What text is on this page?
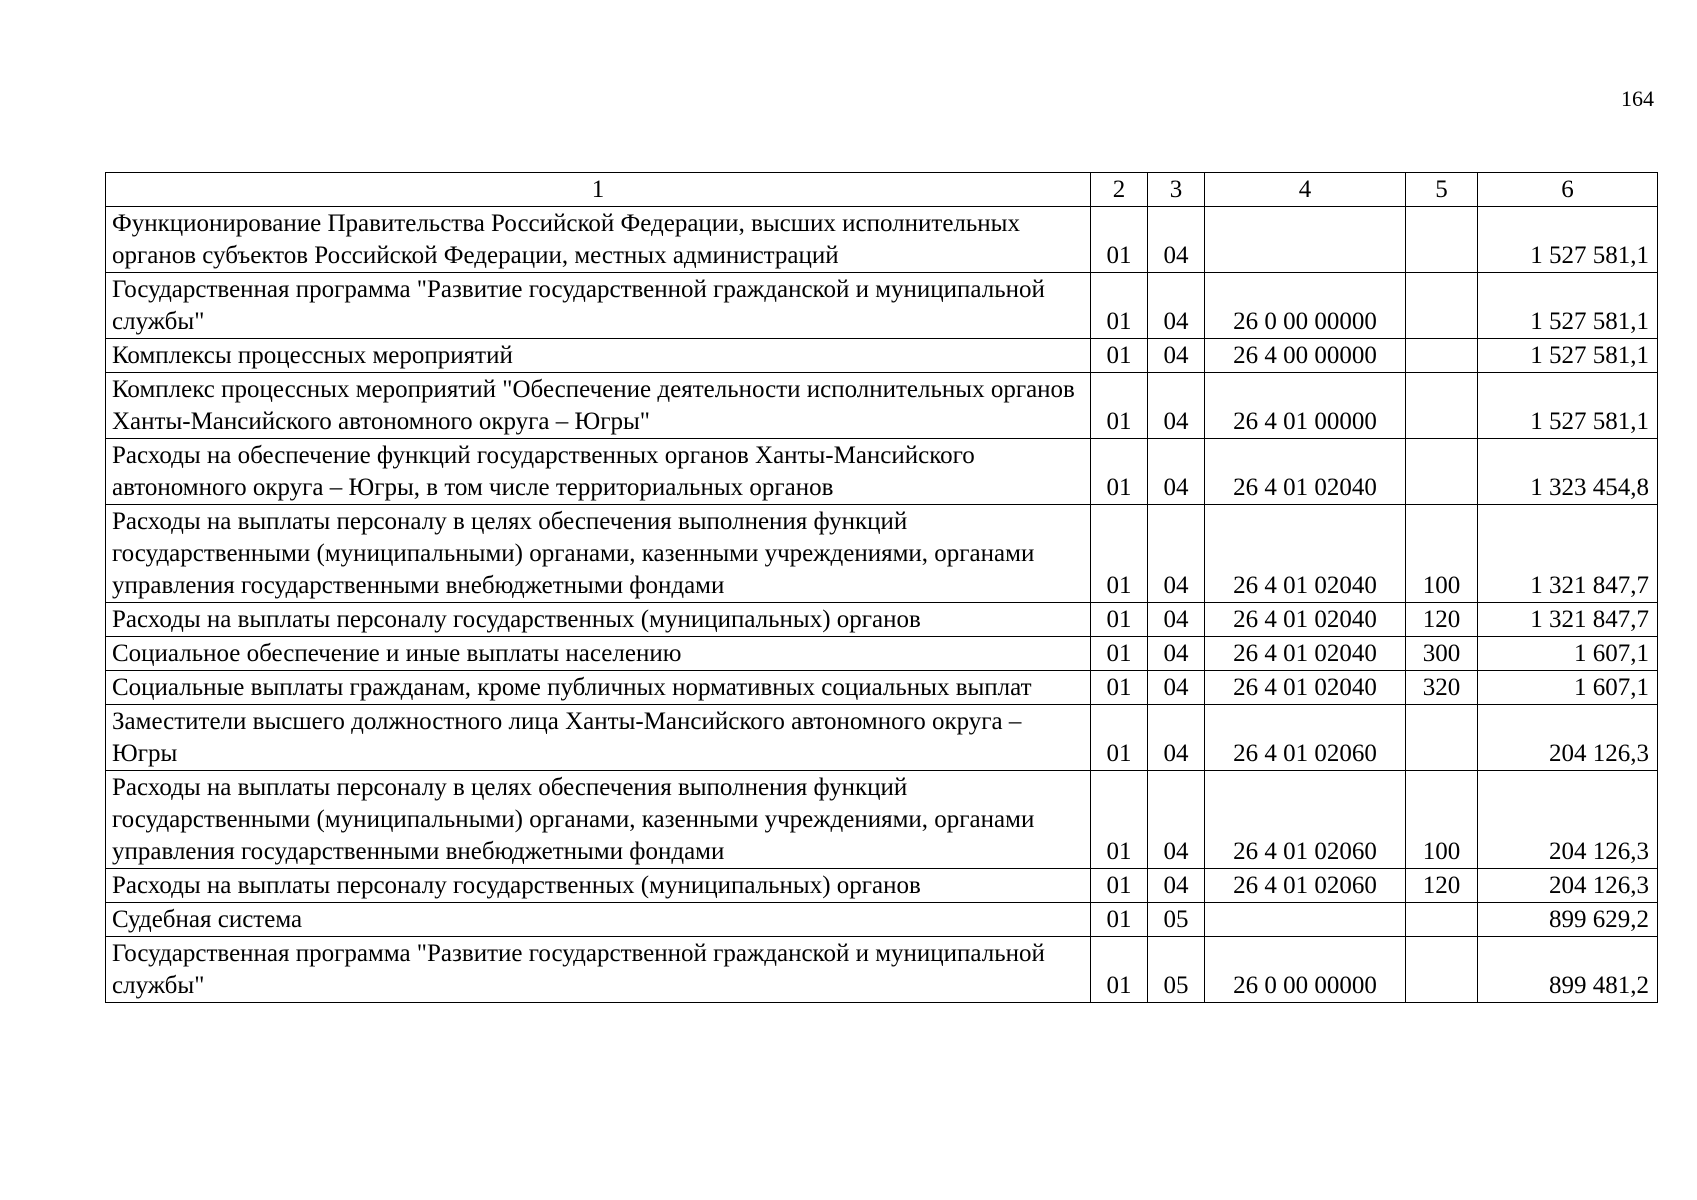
164
1	2	3	4	5	6
Функционирование Правительства Российской Федерации, высших исполнительных органов субъектов Российской Федерации, местных администраций	01	04			1 527 581,1
Государственная программа "Развитие государственной гражданской и муниципальной службы"	01	04	26 0 00 00000		1 527 581,1
Комплексы процессных мероприятий	01	04	26 4 00 00000		1 527 581,1
Комплекс процессных мероприятий "Обеспечение деятельности исполнительных органов Ханты-Мансийского автономного округа – Югры"	01	04	26 4 01 00000		1 527 581,1
Расходы на обеспечение функций государственных органов Ханты-Мансийского автономного округа – Югры, в том числе территориальных органов	01	04	26 4 01 02040		1 323 454,8
Расходы на выплаты персоналу в целях обеспечения выполнения функций государственными (муниципальными) органами, казенными учреждениями, органами управления государственными внебюджетными фондами	01	04	26 4 01 02040	100	1 321 847,7
Расходы на выплаты персоналу государственных (муниципальных) органов	01	04	26 4 01 02040	120	1 321 847,7
Социальное обеспечение и иные выплаты населению	01	04	26 4 01 02040	300	1 607,1
Социальные выплаты гражданам, кроме публичных нормативных социальных выплат	01	04	26 4 01 02040	320	1 607,1
Заместители высшего должностного лица Ханты-Мансийского автономного округа – Югры	01	04	26 4 01 02060		204 126,3
Расходы на выплаты персоналу в целях обеспечения выполнения функций государственными (муниципальными) органами, казенными учреждениями, органами управления государственными внебюджетными фондами	01	04	26 4 01 02060	100	204 126,3
Расходы на выплаты персоналу государственных (муниципальных) органов	01	04	26 4 01 02060	120	204 126,3
Судебная система	01	05			899 629,2
Государственная программа "Развитие государственной гражданской и муниципальной службы"	01	05	26 0 00 00000		899 481,2
